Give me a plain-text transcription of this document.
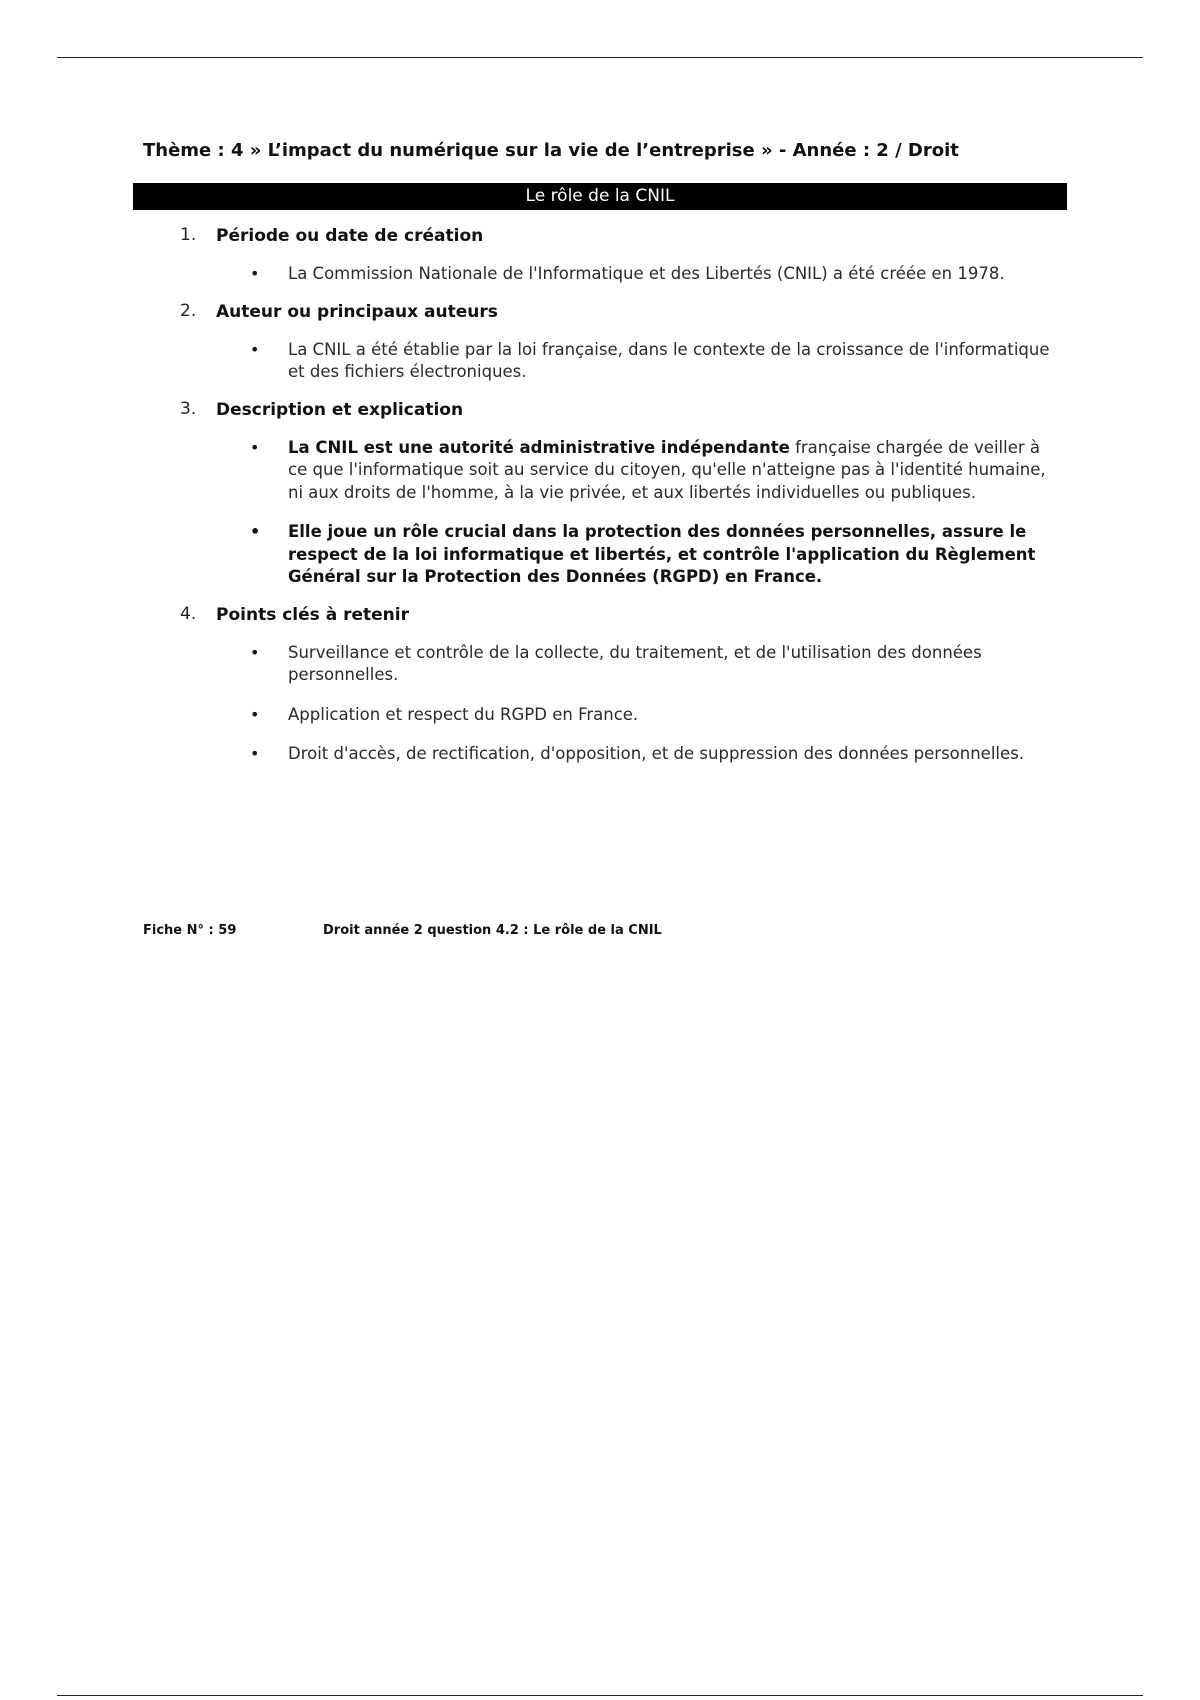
Thème : 4 » L’impact du numérique sur la vie de l’entreprise » - Année : 2 / Droit
Le rôle de la CNIL
1. Période ou date de création
• La Commission Nationale de l'Informatique et des Libertés (CNIL) a été créée en 1978.
2. Auteur ou principaux auteurs
• La CNIL a été établie par la loi française, dans le contexte de la croissance de l'informatique et des fichiers électroniques.
3. Description et explication
• La CNIL est une autorité administrative indépendante française chargée de veiller à ce que l'informatique soit au service du citoyen, qu'elle n'atteigne pas à l'identité humaine, ni aux droits de l'homme, à la vie privée, et aux libertés individuelles ou publiques.
• Elle joue un rôle crucial dans la protection des données personnelles, assure le respect de la loi informatique et libertés, et contrôle l'application du Règlement Général sur la Protection des Données (RGPD) en France.
4. Points clés à retenir
• Surveillance et contrôle de la collecte, du traitement, et de l'utilisation des données personnelles.
• Application et respect du RGPD en France.
• Droit d'accès, de rectification, d'opposition, et de suppression des données personnelles.
Fiche N° : 59	Droit année 2 question 4.2 : Le rôle de la CNIL
